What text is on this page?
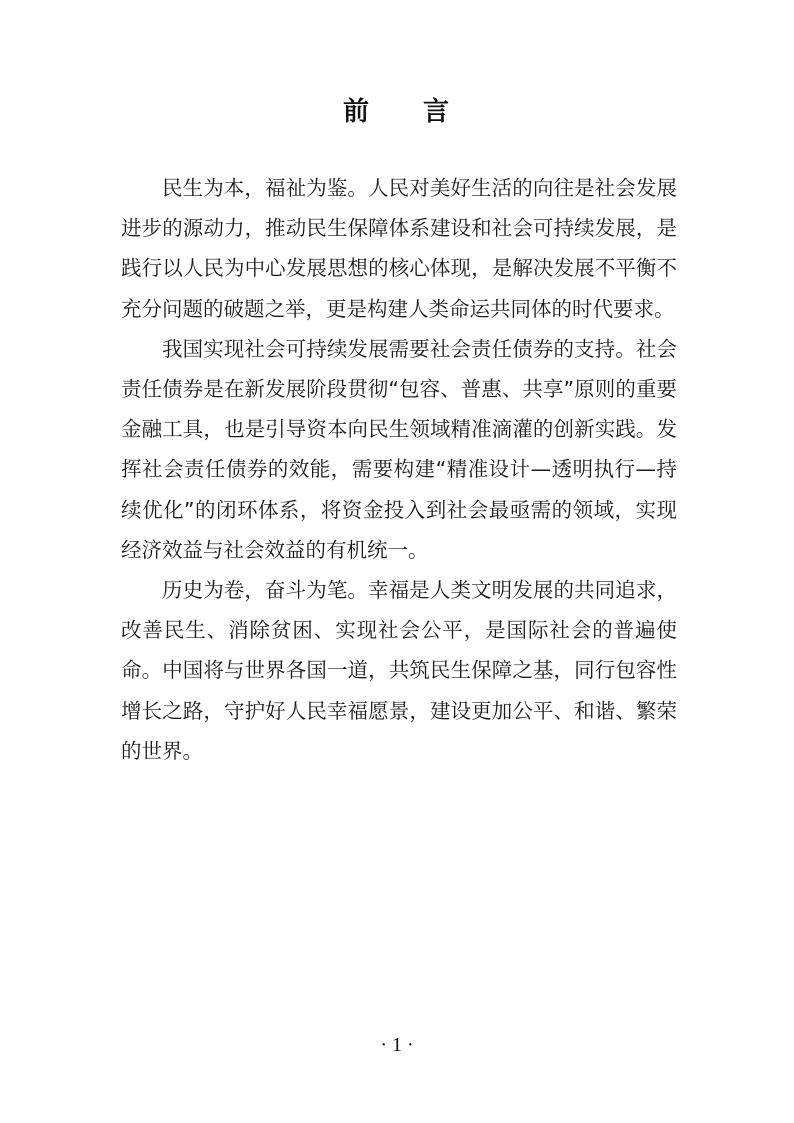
前 言

民生为本，福祉为鉴。人民对美好生活的向往是社会发展进步的源动力，推动民生保障体系建设和社会可持续发展，是践行以人民为中心发展思想的核心体现，是解决发展不平衡不充分问题的破题之举，更是构建人类命运共同体的时代要求。

我国实现社会可持续发展需要社会责任债券的支持。社会责任债券是在新发展阶段贯彻“包容、普惠、共享”原则的重要金融工具，也是引导资本向民生领域精准滴灌的创新实践。发挥社会责任债券的效能，需要构建“精准设计—透明执行—持续优化”的闭环体系，将资金投入到社会最亟需的领域，实现经济效益与社会效益的有机统一。

历史为卷，奋斗为笔。幸福是人类文明发展的共同追求，改善民生、消除贫困、实现社会公平，是国际社会的普遍使命。中国将与世界各国一道，共筑民生保障之基，同行包容性增长之路，守护好人民幸福愿景，建设更加公平、和谐、繁荣的世界。

· 1 ·
